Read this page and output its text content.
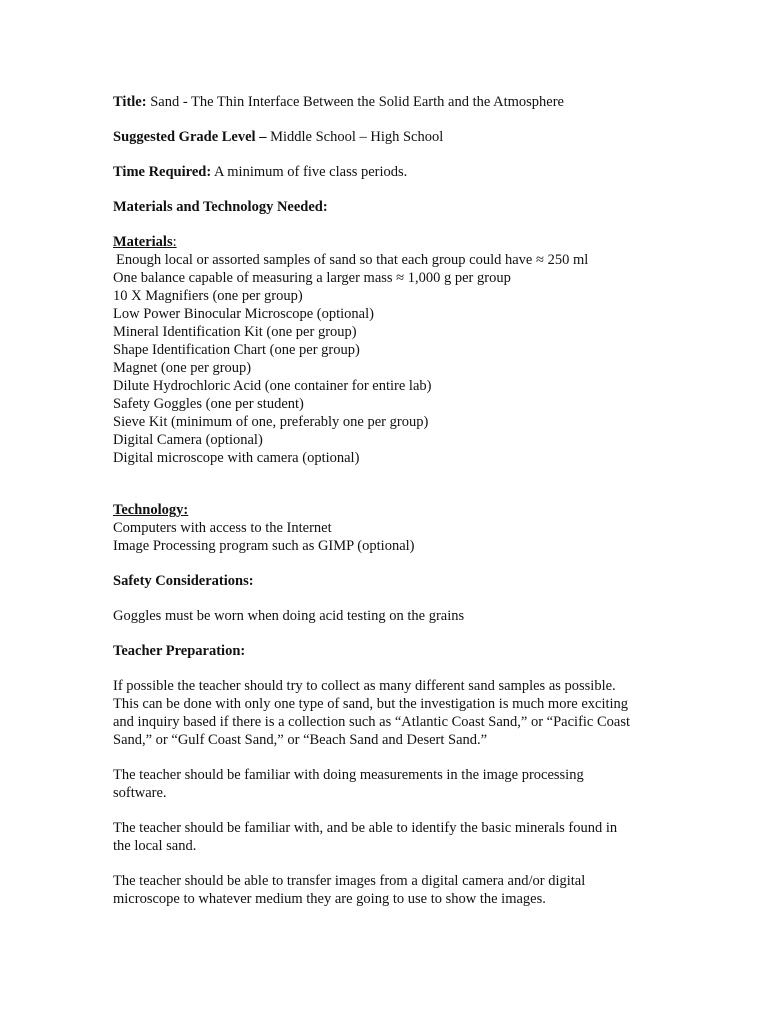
Title: Sand - The Thin Interface Between the Solid Earth and the Atmosphere

Suggested Grade Level – Middle School – High School

Time Required: A minimum of five class periods.

Materials and Technology Needed:

Materials:

Enough local or assorted samples of sand so that each group could have ≈ 250 ml

One balance capable of measuring a larger mass ≈ 1,000 g per group

10 X Magnifiers (one per group)

Low Power Binocular Microscope (optional)

Mineral Identification Kit (one per group)

Shape Identification Chart (one per group)

Magnet (one per group)

Dilute Hydrochloric Acid (one container for entire lab)

Safety Goggles (one per student)

Sieve Kit (minimum of one, preferably one per group)

Digital Camera (optional)

Digital microscope with camera (optional)

Technology:

Computers with access to the Internet

Image Processing program such as GIMP (optional)

Safety Considerations:

Goggles must be worn when doing acid testing on the grains

Teacher Preparation:

If possible the teacher should try to collect as many different sand samples as possible.

This can be done with only one type of sand, but the investigation is much more exciting

and inquiry based if there is a collection such as “Atlantic Coast Sand,” or “Pacific Coast

Sand,” or “Gulf Coast Sand,” or “Beach Sand and Desert Sand.”

The teacher should be familiar with doing measurements in the image processing

software.

The teacher should be familiar with, and be able to identify the basic minerals found in

the local sand.

The teacher should be able to transfer images from a digital camera and/or digital

microscope to whatever medium they are going to use to show the images.
